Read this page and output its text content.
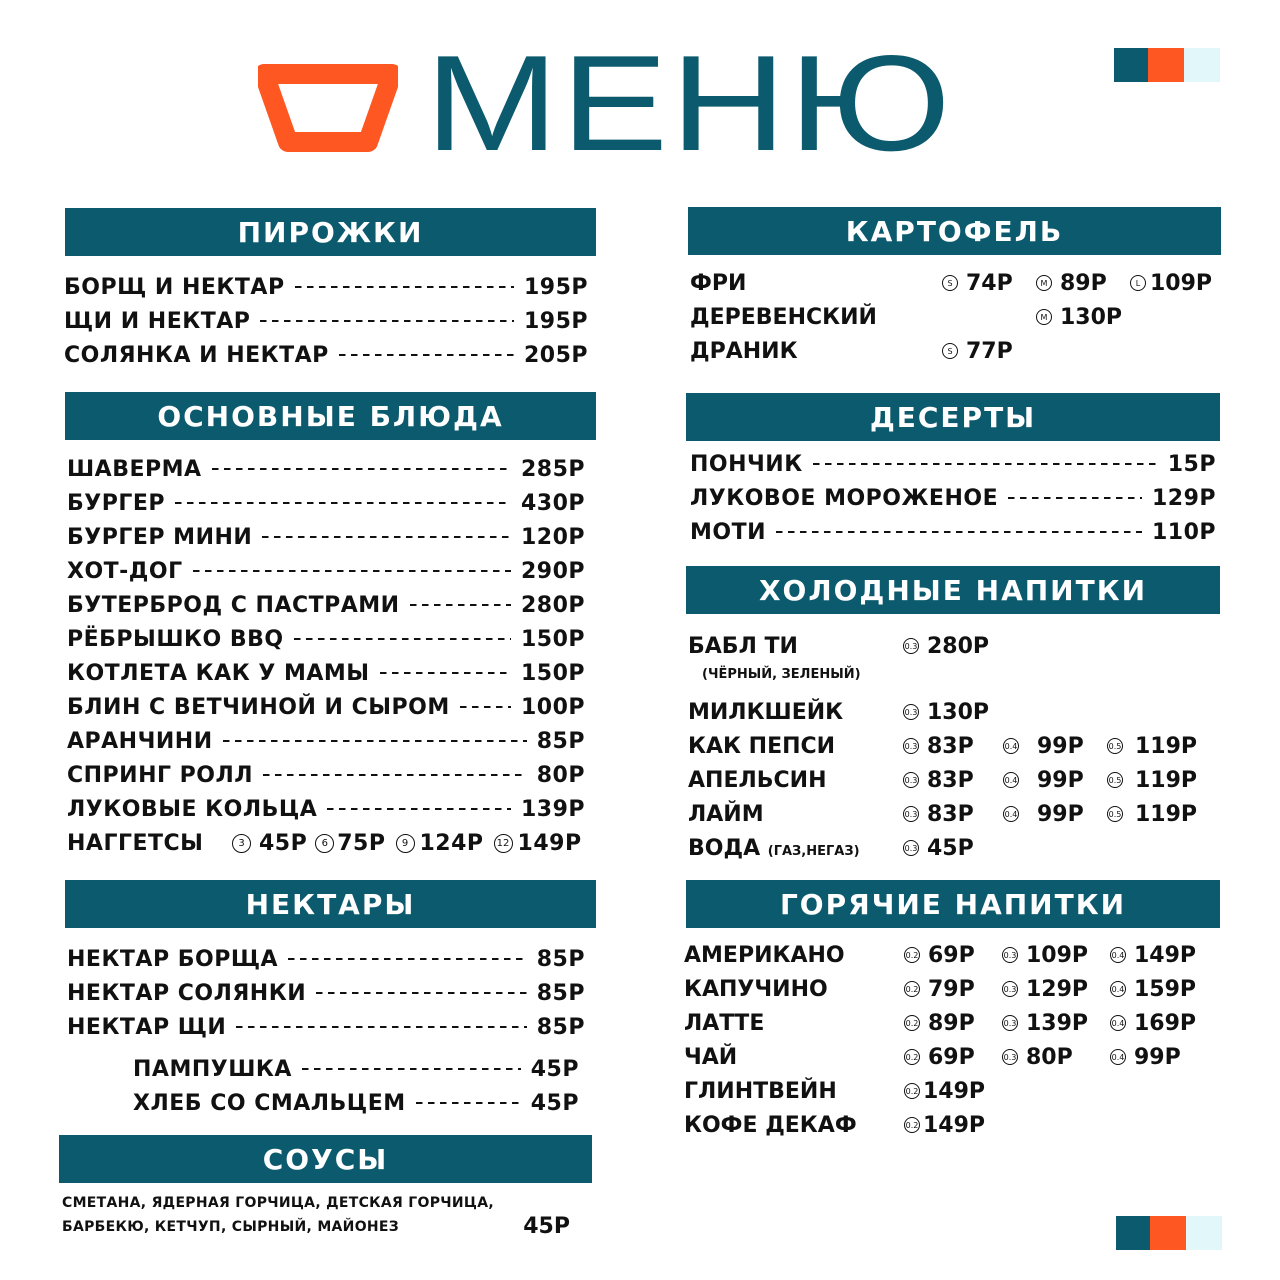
МЕНЮ
ПИРОЖКИ
БОРЩ И НЕКТАР	195Р
ЩИ И НЕКТАР	195Р
СОЛЯНКА И НЕКТАР	205Р
ОСНОВНЫЕ БЛЮДА
ШАВЕРМА	285Р
БУРГЕР	430Р
БУРГЕР МИНИ	120Р
ХОТ-ДОГ	290Р
БУТЕРБРОД С ПАСТРАМИ	280Р
РЁБРЫШКО BBQ	150Р
КОТЛЕТА КАК У МАМЫ	150Р
БЛИН С ВЕТЧИНОЙ И СЫРОМ	100Р
АРАНЧИНИ	85Р
СПРИНГ РОЛЛ	80Р
ЛУКОВЫЕ КОЛЬЦА	139Р
НАГГЕТСЫ	3 45Р	6 75Р	9 124Р	12 149Р
НЕКТАРЫ
НЕКТАР БОРЩА	85Р
НЕКТАР СОЛЯНКИ	85Р
НЕКТАР ЩИ	85Р
ПАМПУШКА	45Р
ХЛЕБ СО СМАЛЬЦЕМ	45Р
СОУСЫ
СМЕТАНА, ЯДЕРНАЯ ГОРЧИЦА, ДЕТСКАЯ ГОРЧИЦА,
БАРБЕКЮ, КЕТЧУП, СЫРНЫЙ, МАЙОНЕЗ	45Р
КАРТОФЕЛЬ
ФРИ	S 74Р	M 89Р	L 109Р
ДЕРЕВЕНСКИЙ	M 130Р
ДРАНИК	S 77Р
ДЕСЕРТЫ
ПОНЧИК	15Р
ЛУКОВОЕ МОРОЖЕНОЕ	129Р
МОТИ	110Р
ХОЛОДНЫЕ НАПИТКИ
БАБЛ ТИ	0.3 280Р
(ЧЁРНЫЙ, ЗЕЛЕНЫЙ)
МИЛКШЕЙК	0.3 130Р
КАК ПЕПСИ	0.3 83Р	0.4 99Р	0.5 119Р
АПЕЛЬСИН	0.3 83Р	0.4 99Р	0.5 119Р
ЛАЙМ	0.3 83Р	0.4 99Р	0.5 119Р
ВОДА (ГАЗ,НЕГАЗ)	0.3 45Р
ГОРЯЧИЕ НАПИТКИ
АМЕРИКАНО	0.2 69Р	0.3 109Р	0.4 149Р
КАПУЧИНО	0.2 79Р	0.3 129Р	0.4 159Р
ЛАТТЕ	0.2 89Р	0.3 139Р	0.4 169Р
ЧАЙ	0.2 69Р	0.3 80Р	0.4 99Р
ГЛИНТВЕЙН	0.2 149Р
КОФЕ ДЕКАФ	0.2 149Р
